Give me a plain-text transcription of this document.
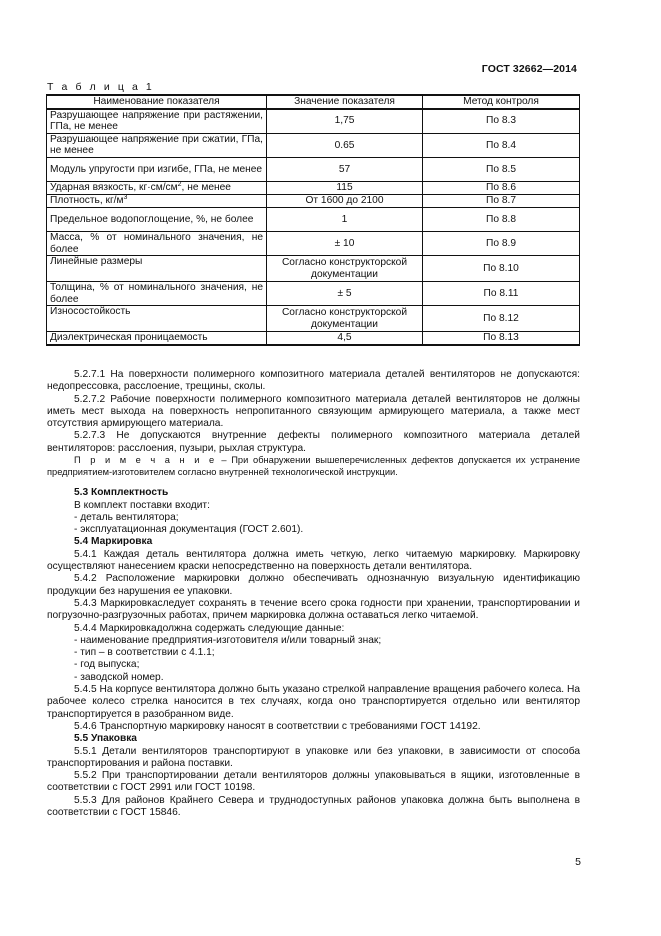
ГОСТ 32662—2014
Т а б л и ц а 1
Наименование показателя	Значение показателя	Метод контроля
Разрушающее напряжение при растяжении, ГПа, не менее	1,75	По 8.3
Разрушающее напряжение при сжатии, ГПа, не менее	0.65	По 8.4
Модуль упругости при изгибе, ГПа, не менее	57	По 8.5
Ударная вязкость, $кг\cdot см/см^2$, не менее	115	По 8.6
Плотность, $кг/м^3$	От 1600 до 2100	По 8.7
Предельное водопоглощение, %, не более	1	По 8.8
Масса, % от номинального значения, не более	± 10	По 8.9
Линейные размеры	Согласно конструкторской документации	По 8.10
Толщина, % от номинального значения, не более	± 5	По 8.11
Износостойкость	Согласно конструкторской документации	По 8.12
Диэлектрическая проницаемость	4,5	По 8.13

5.2.7.1 На поверхности полимерного композитного материала деталей вентиляторов не допускаются: недопрессовка, расслоение, трещины, сколы.

5.2.7.2 Рабочие поверхности полимерного композитного материала деталей вентиляторов не должны иметь мест выхода на поверхность непропитанного связующим армирующего материала, а также мест отсутствия армирующего материала.

5.2.7.3 Не допускаются внутренние дефекты полимерного композитного материала деталей вентиляторов: расслоения, пузыри, рыхлая структура.

П р и м е ч а н и е – При обнаружении вышеперечисленных дефектов допускается их устранение предприятием-изготовителем согласно внутренней технологической инструкции.

5.3 Комплектность

В комплект поставки входит:

- деталь вентилятора;

- эксплуатационная документация (ГОСТ 2.601).

5.4 Маркировка

5.4.1 Каждая деталь вентилятора должна иметь четкую, легко читаемую маркировку. Маркировку осуществляют нанесением краски непосредственно на поверхность детали вентилятора.

5.4.2 Расположение маркировки должно обеспечивать однозначную визуальную идентификацию продукции без нарушения ее упаковки.

5.4.3 Маркировкаследует сохранять в течение всего срока годности при хранении, транспортировании и погрузочно-разгрузочных работах, причем маркировка должна оставаться легко читаемой.

5.4.4 Маркировкадолжна содержать следующие данные:

- наименование предприятия-изготовителя и/или товарный знак;

- тип – в соответствии с 4.1.1;

- год выпуска;

- заводской номер.

5.4.5 На корпусе вентилятора должно быть указано стрелкой направление вращения рабочего колеса. На рабочее колесо стрелка наносится в тех случаях, когда оно транспортируется отдельно или вентилятор транспортируется в разобранном виде.

5.4.6 Транспортную маркировку наносят в соответствии с требованиями ГОСТ 14192.

5.5 Упаковка

5.5.1 Детали вентиляторов транспортируют в упаковке или без упаковки, в зависимости от способа транспортирования и района поставки.

5.5.2 При транспортировании детали вентиляторов должны упаковываться в ящики, изготовленные в соответствии с ГОСТ 2991 или ГОСТ 10198.

5.5.3 Для районов Крайнего Севера и труднодоступных районов упаковка должна быть выполнена в соответствии с ГОСТ 15846.

5
